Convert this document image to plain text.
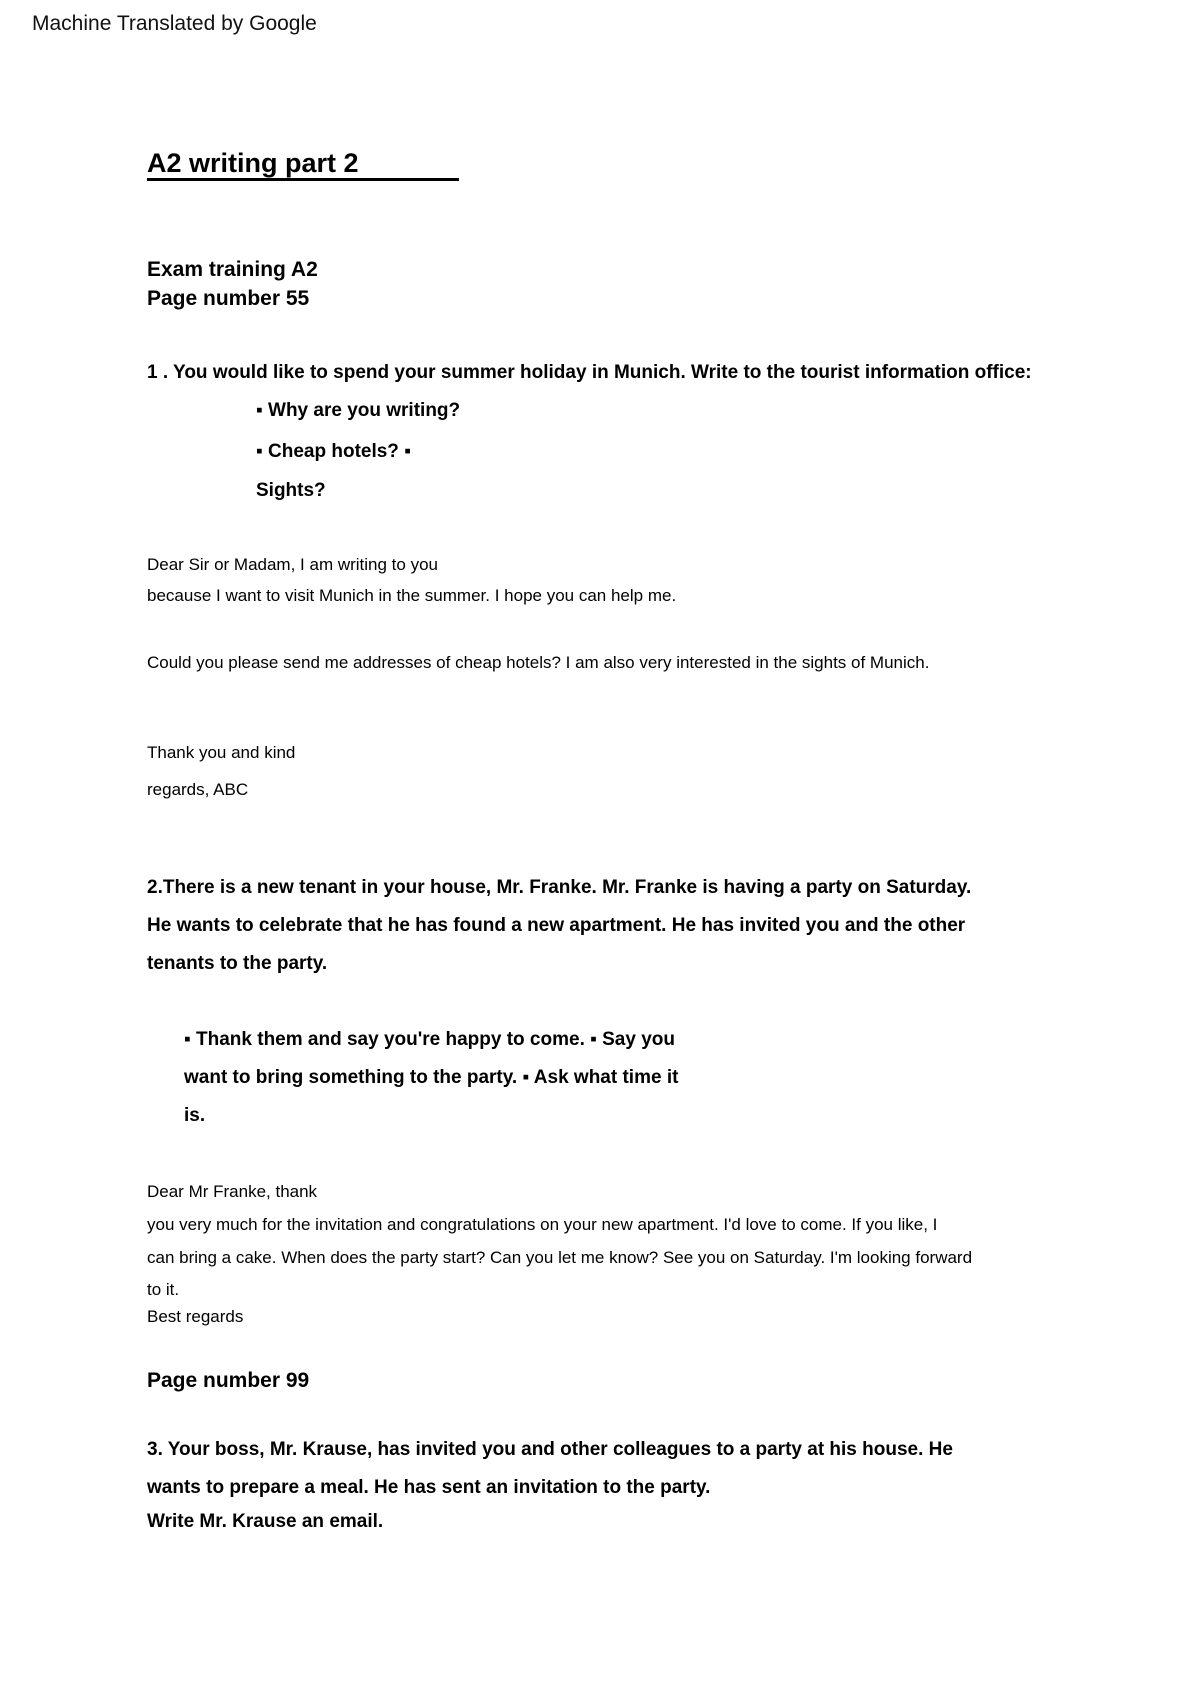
Machine Translated by Google
A2 writing part 2
Exam training A2
Page number 55
1 . You would like to spend your summer holiday in Munich. Write to the tourist information office:
▪ Why are you writing?
▪ Cheap hotels? ▪
Sights?
Dear Sir or Madam, I am writing to you
because I want to visit Munich in the summer. I hope you can help me.
Could you please send me addresses of cheap hotels? I am also very interested in the sights of Munich.
Thank you and kind
regards, ABC
2.There is a new tenant in your house, Mr. Franke. Mr. Franke is having a party on Saturday.
He wants to celebrate that he has found a new apartment. He has invited you and the other
tenants to the party.
▪ Thank them and say you're happy to come. ▪ Say you
want to bring something to the party. ▪ Ask what time it
is.
Dear Mr Franke, thank
you very much for the invitation and congratulations on your new apartment. I'd love to come. If you like, I
can bring a cake. When does the party start? Can you let me know? See you on Saturday. I'm looking forward
to it.
Best regards
Page number 99
3. Your boss, Mr. Krause, has invited you and other colleagues to a party at his house. He
wants to prepare a meal. He has sent an invitation to the party.
Write Mr. Krause an email.
